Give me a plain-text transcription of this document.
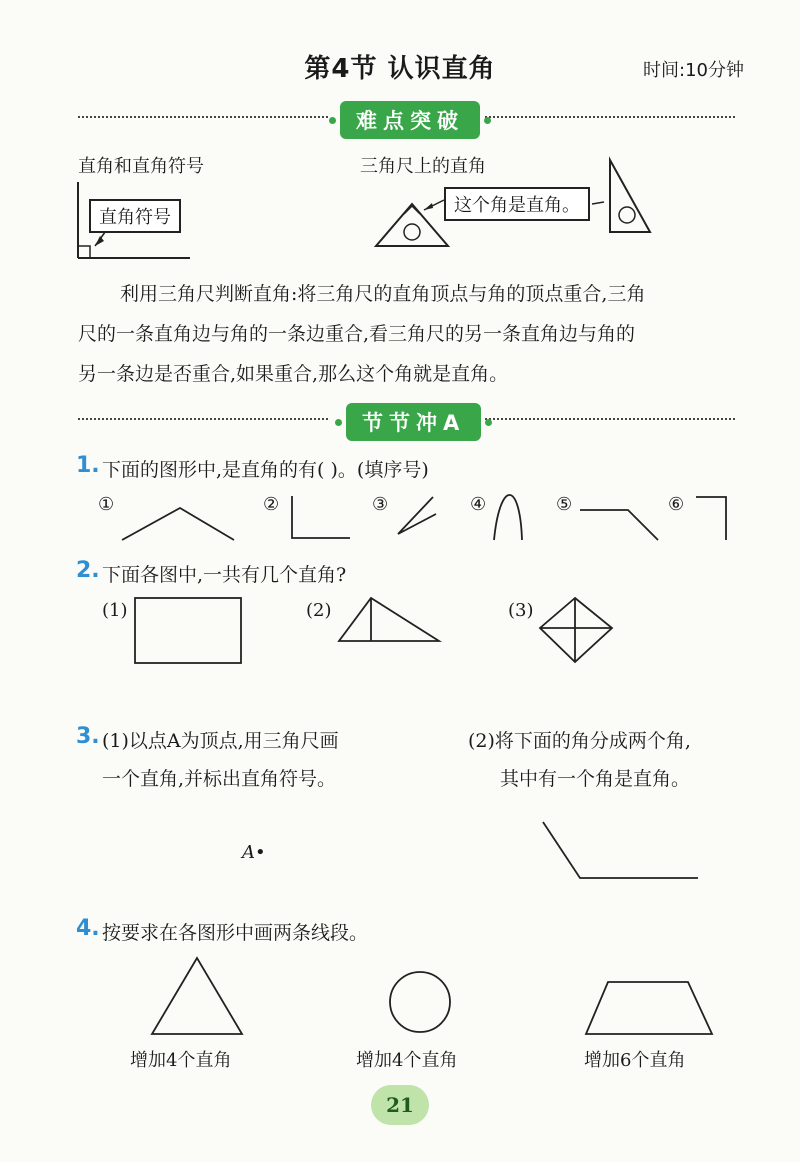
第4节 认识直角	时间:10分钟
难点突破
直角和直角符号	三角尺上的直角
直角符号
这个角是直角。
利用三角尺判断直角:将三角尺的直角顶点与角的顶点重合,三角
尺的一条直角边与角的一条边重合,看三角尺的另一条直角边与角的
另一条边是否重合,如果重合,那么这个角就是直角。
节节冲A
1. 下面的图形中,是直角的有( )。(填序号)
①	②	③	④	⑤	⑥
2. 下面各图中,一共有几个直角?
(1)	(2)	(3)
3. (1)以点A为顶点,用三角尺画
一个直角,并标出直角符号。
(2)将下面的角分成两个角,
其中有一个角是直角。
A•
4. 按要求在各图形中画两条线段。
增加4个直角	增加4个直角	增加6个直角
21
